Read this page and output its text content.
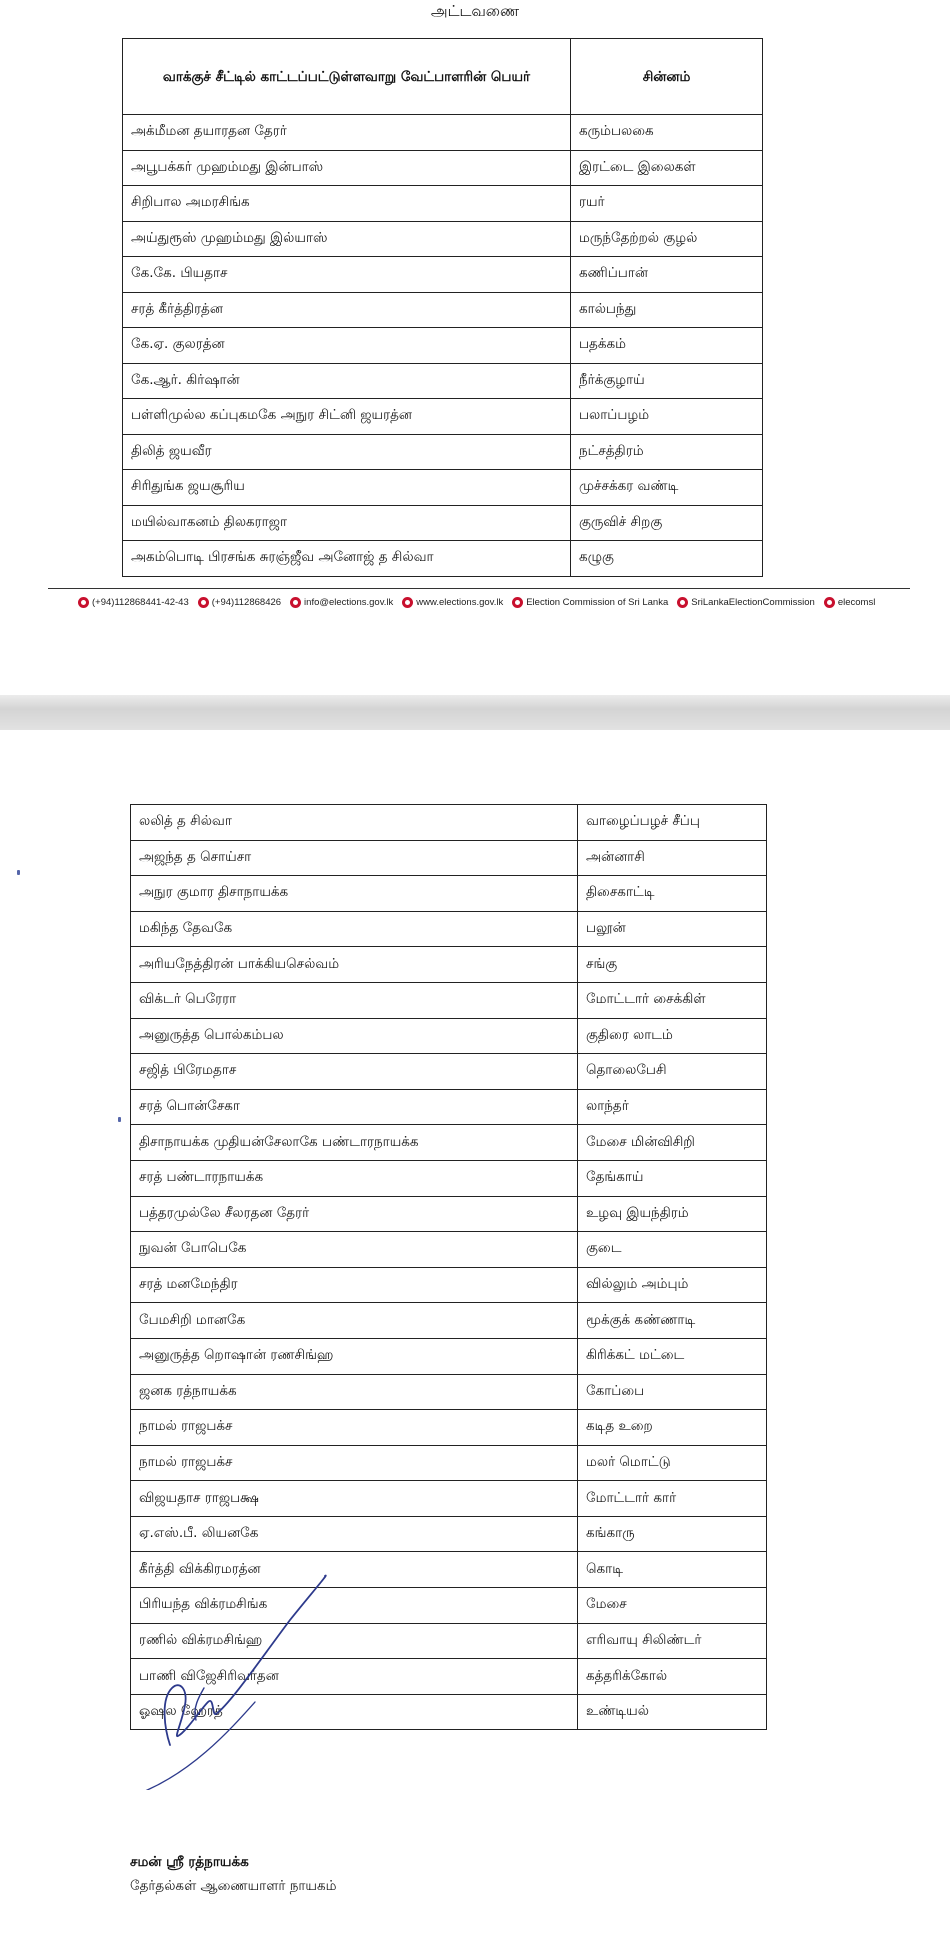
அட்டவணை
வாக்குச் சீட்டில் காட்டப்பட்டுள்ளவாறு வேட்பாளரின் பெயர்	சின்னம்
அக்மீமன தயாரதன தேரர்	கரும்பலகை
அபூபக்கர் முஹம்மது இன்பாஸ்	இரட்டை இலைகள்
சிறிபால அமரசிங்க	ரயர்
அய்துரூஸ் முஹம்மது இல்யாஸ்	மருந்தேற்றல் குழல்
கே.கே. பியதாச	கணிப்பான்
சரத் கீர்த்திரத்ன	கால்பந்து
கே.ஏ. குலரத்ன	பதக்கம்
கே.ஆர். கிர்ஷான்	நீர்க்குழாய்
பள்ளிமுல்ல கப்புகமகே அநுர சிட்னி ஜயரத்ன	பலாப்பழம்
திலித் ஜயவீர	நட்சத்திரம்
சிரிதுங்க ஜயசூரிய	முச்சக்கர வண்டி
மயில்வாகனம் திலகராஜா	குருவிச் சிறகு
அகம்பொடி பிரசங்க சுரஞ்ஜீவ அனோஜ் த சில்வா	கழுகு
(+94)112868441-42-43 (+94)112868426 info@elections.gov.lk www.elections.gov.lk Election Commission of Sri Lanka SriLankaElectionCommission elecomsl
லலித் த சில்வா	வாழைப்பழச் சீப்பு
அஜந்த த சொய்சா	அன்னாசி
அநுர குமார திசாநாயக்க	திசைகாட்டி
மகிந்த தேவகே	பலூன்
அரியநேத்திரன் பாக்கியசெல்வம்	சங்கு
விக்டர் பெரேரா	மோட்டார் சைக்கிள்
அனுருத்த பொல்கம்பல	குதிரை லாடம்
சஜித் பிரேமதாச	தொலைபேசி
சரத் பொன்சேகா	லாந்தர்
திசாநாயக்க முதியன்சேலாகே பண்டாரநாயக்க	மேசை மின்விசிறி
சரத் பண்டாரநாயக்க	தேங்காய்
பத்தரமுல்லே சீலரதன தேரர்	உழவு இயந்திரம்
நுவன் போபெகே	குடை
சரத் மனமேந்திர	வில்லும் அம்பும்
பேமசிறி மானகே	மூக்குக் கண்ணாடி
அனுருத்த றொஷான் ரணசிங்ஹ	கிரிக்கட் மட்டை
ஜனக ரத்நாயக்க	கோப்பை
நாமல் ராஜபக்ச	கடித உறை
நாமல் ராஜபக்ச	மலர் மொட்டு
விஜயதாச ராஜபக்ஷ	மோட்டார் கார்
ஏ.எஸ்.பீ. லியனகே	கங்காரு
கீர்த்தி விக்கிரமரத்ன	கொடி
பிரியந்த விக்ரமசிங்க	மேசை
ரணில் விக்ரமசிங்ஹ	எரிவாயு சிலிண்டர்
பாணி விஜேசிரிவர்தன	கத்தரிக்கோல்
ஓஷல ஹேரத்	உண்டியல்
சமன் ஸ்ரீ ரத்நாயக்க
தேர்தல்கள் ஆணையாளர் நாயகம்
